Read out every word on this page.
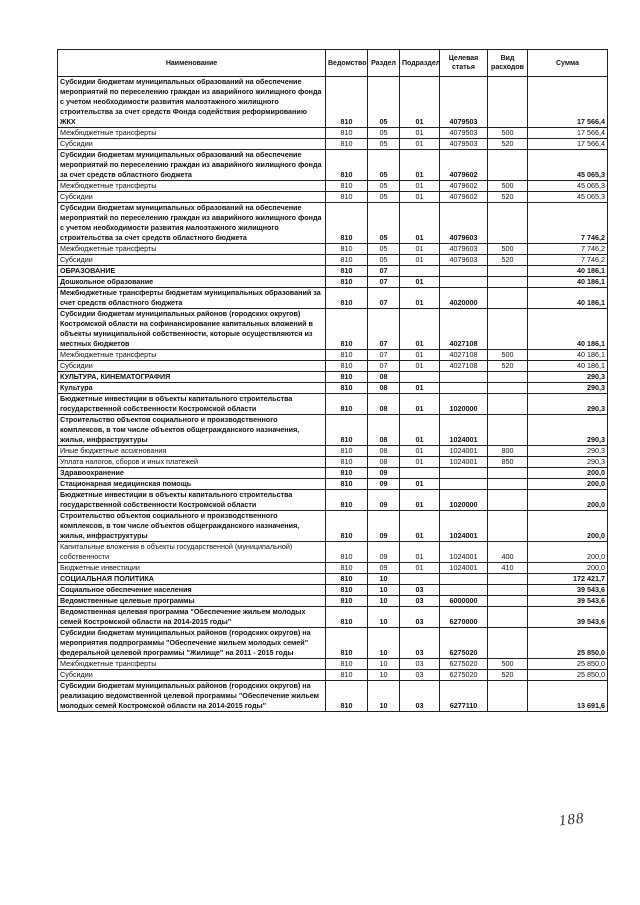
Наименование	Ведомство	Раздел	Подраздел	Целевая статья	Вид расходов	Сумма
Субсидии бюджетам муниципальных образований на обеспечение мероприятий по переселению граждан из аварийного жилищного фонда с учетом необходимости развития малоэтажного жилищного строительства за счет средств Фонда содействия реформированию ЖКХ	810	05	01	4079503		17 566,4
Межбюджетные трансферты	810	05	01	4079503	500	17 566,4
Субсидии	810	05	01	4079503	520	17 566,4
Субсидии бюджетам муниципальных образований на обеспечение мероприятий по переселению граждан из аварийного жилищного фонда за счет средств областного бюджета	810	05	01	4079602		45 065,3
Межбюджетные трансферты	810	05	01	4079602	500	45 065,3
Субсидии	810	05	01	4079602	520	45 065,3
Субсидии бюджетам муниципальных образований на обеспечение мероприятий по переселению граждан из аварийного жилищного фонда с учетом необходимости развития малоэтажного жилищного строительства за счет средств областного бюджета	810	05	01	4079603		7 746,2
Межбюджетные трансферты	810	05	01	4079603	500	7 746,2
Субсидии	810	05	01	4079603	520	7 746,2
ОБРАЗОВАНИЕ	810	07				40 186,1
Дошкольное образование	810	07	01			40 186,1
Межбюджетные трансферты бюджетам муниципальных образований за счет средств областного бюджета	810	07	01	4020000		40 186,1
Субсидии бюджетам муниципальных районов (городских округов) Костромской области на софинансирование капитальных вложений в объекты муниципальной собственности, которые осуществляются из местных бюджетов	810	07	01	4027108		40 186,1
Межбюджетные трансферты	810	07	01	4027108	500	40 186,1
Субсидии	810	07	01	4027108	520	40 186,1
КУЛЬТУРА, КИНЕМАТОГРАФИЯ	810	08				290,3
Культура	810	08	01			290,3
Бюджетные инвестиции в объекты капитального строительства государственной собственности Костромской области	810	08	01	1020000		290,3
Строительство объектов социального и производственного комплексов, в том числе объектов общегражданского назначения, жилья, инфраструктуры	810	08	01	1024001		290,3
Иные бюджетные ассигнования	810	08	01	1024001	800	290,3
Уплата налогов, сборов и иных платежей	810	08	01	1024001	850	290,3
Здравоохранение	810	09				200,0
Стационарная медицинская помощь	810	09	01			200,0
Бюджетные инвестиции в объекты капитального строительства государственной собственности Костромской области	810	09	01	1020000		200,0
Строительство объектов социального и производственного комплексов, в том числе объектов общегражданского назначения, жилья, инфраструктуры	810	09	01	1024001		200,0
Капитальные вложения в объекты государственной (муниципальной) собственности	810	09	01	1024001	400	200,0
Бюджетные инвестиции	810	09	01	1024001	410	200,0
СОЦИАЛЬНАЯ ПОЛИТИКА	810	10				172 421,7
Социальное обеспечение населения	810	10	03			39 543,6
Ведомственные целевые программы	810	10	03	6000000		39 543,6
Ведомственная целевая программа "Обеспечение жильем молодых семей Костромской области на 2014-2015 годы"	810	10	03	6270000		39 543,6
Субсидии бюджетам муниципальных районов (городских округов) на мероприятия подпрограммы "Обеспечение жильем молодых семей" федеральной целевой программы "Жилище" на 2011 - 2015 годы	810	10	03	6275020		25 850,0
Межбюджетные трансферты	810	10	03	6275020	500	25 850,0
Субсидии	810	10	03	6275020	520	25 850,0
Субсидии бюджетам муниципальных районов (городских округов) на реализацию ведомственной целевой программы "Обеспечение жильем молодых семей Костромской области на 2014-2015 годы"	810	10	03	6277110		13 691,6
188
